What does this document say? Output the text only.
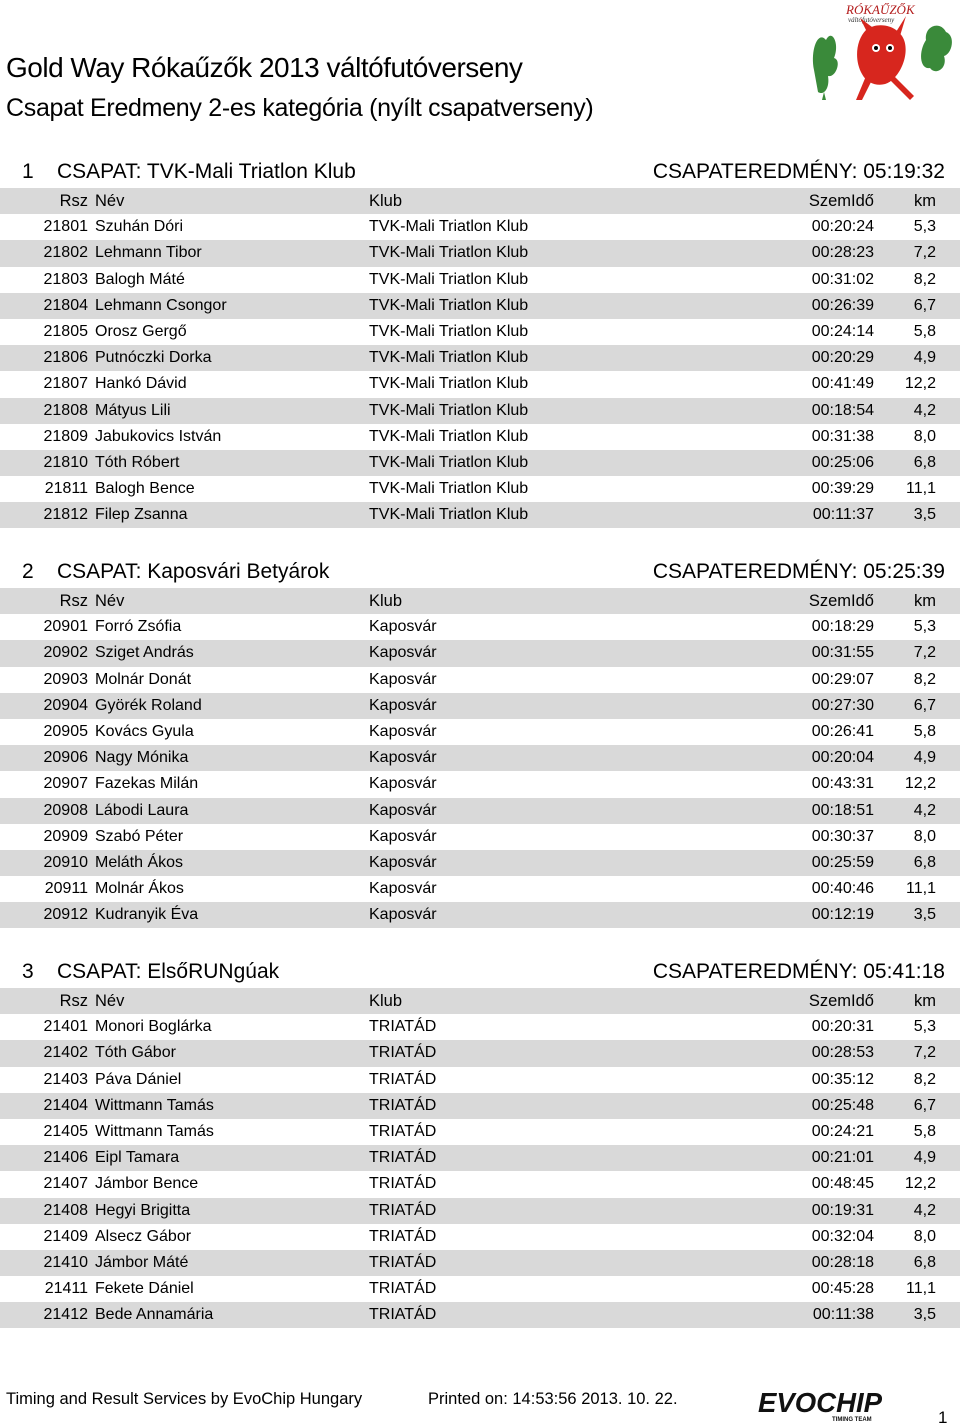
RÓKAŰZŐK
váltófutóverseny
Gold Way Rókaűzők 2013 váltófutóverseny
Csapat Eredmeny 2-es kategória (nyílt csapatverseny)
1 CSAPAT: TVK-Mali Triatlon Klub	CSAPATEREDMÉNY: 05:19:32
Rsz Név	Klub	SzemIdő km
21801 Szuhán Dóri	TVK-Mali Triatlon Klub	00:20:24 5,3
21802 Lehmann Tibor	TVK-Mali Triatlon Klub	00:28:23 7,2
21803 Balogh Máté	TVK-Mali Triatlon Klub	00:31:02 8,2
21804 Lehmann Csongor	TVK-Mali Triatlon Klub	00:26:39 6,7
21805 Orosz Gergő	TVK-Mali Triatlon Klub	00:24:14 5,8
21806 Putnóczki Dorka	TVK-Mali Triatlon Klub	00:20:29 4,9
21807 Hankó Dávid	TVK-Mali Triatlon Klub	00:41:49 12,2
21808 Mátyus Lili	TVK-Mali Triatlon Klub	00:18:54 4,2
21809 Jabukovics István	TVK-Mali Triatlon Klub	00:31:38 8,0
21810 Tóth Róbert	TVK-Mali Triatlon Klub	00:25:06 6,8
21811 Balogh Bence	TVK-Mali Triatlon Klub	00:39:29 11,1
21812 Filep Zsanna	TVK-Mali Triatlon Klub	00:11:37 3,5
2 CSAPAT: Kaposvári Betyárok	CSAPATEREDMÉNY: 05:25:39
Rsz Név	Klub	SzemIdő km
20901 Forró Zsófia	Kaposvár	00:18:29 5,3
20902 Sziget András	Kaposvár	00:31:55 7,2
20903 Molnár Donát	Kaposvár	00:29:07 8,2
20904 Györék Roland	Kaposvár	00:27:30 6,7
20905 Kovács Gyula	Kaposvár	00:26:41 5,8
20906 Nagy Mónika	Kaposvár	00:20:04 4,9
20907 Fazekas Milán	Kaposvár	00:43:31 12,2
20908 Lábodi Laura	Kaposvár	00:18:51 4,2
20909 Szabó Péter	Kaposvár	00:30:37 8,0
20910 Meláth Ákos	Kaposvár	00:25:59 6,8
20911 Molnár Ákos	Kaposvár	00:40:46 11,1
20912 Kudranyik Éva	Kaposvár	00:12:19 3,5
3 CSAPAT: ElsőRUNgúak	CSAPATEREDMÉNY: 05:41:18
Rsz Név	Klub	SzemIdő km
21401 Monori Boglárka	TRIATÁD	00:20:31 5,3
21402 Tóth Gábor	TRIATÁD	00:28:53 7,2
21403 Páva Dániel	TRIATÁD	00:35:12 8,2
21404 Wittmann Tamás	TRIATÁD	00:25:48 6,7
21405 Wittmann Tamás	TRIATÁD	00:24:21 5,8
21406 Eipl Tamara	TRIATÁD	00:21:01 4,9
21407 Jámbor Bence	TRIATÁD	00:48:45 12,2
21408 Hegyi Brigitta	TRIATÁD	00:19:31 4,2
21409 Alsecz Gábor	TRIATÁD	00:32:04 8,0
21410 Jámbor Máté	TRIATÁD	00:28:18 6,8
21411 Fekete Dániel	TRIATÁD	00:45:28 11,1
21412 Bede Annamária	TRIATÁD	00:11:38 3,5
Timing and Result Services by EvoChip Hungary	Printed on: 14:53:56 2013. 10. 22.	EVOCHIP
TIMING TEAM	1
